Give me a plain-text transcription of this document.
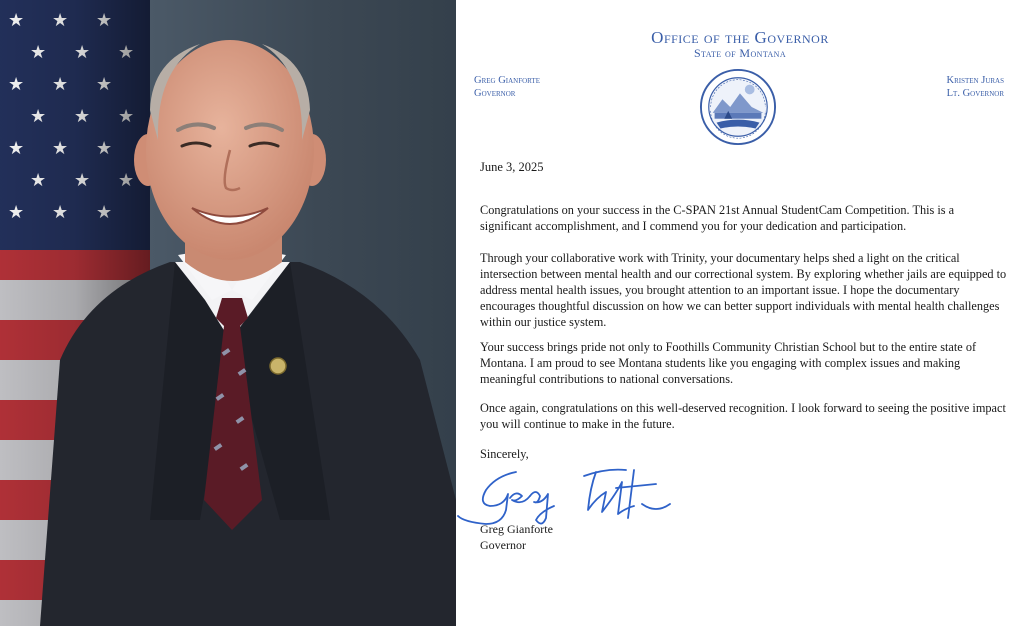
Office of the Governor
State of Montana
Greg Gianforte
Governor
Kristen Juras
Lt. Governor
June 3, 2025

Congratulations on your success in the C-SPAN 21st Annual StudentCam Competition. This is a significant accomplishment, and I commend you for your dedication and participation.

Through your collaborative work with Trinity, your documentary helps shed a light on the critical intersection between mental health and our correctional system. By exploring whether jails are equipped to address mental health issues, you brought attention to an important issue. I hope the documentary encourages thoughtful discussion on how we can better support individuals with mental health challenges within our justice system.

Your success brings pride not only to Foothills Community Christian School but to the entire state of Montana. I am proud to see Montana students like you engaging with complex issues and making meaningful contributions to national conversations.

Once again, congratulations on this well-deserved recognition. I look forward to seeing the positive impact you will continue to make in the future.

Sincerely,
Greg Gianforte
Governor
